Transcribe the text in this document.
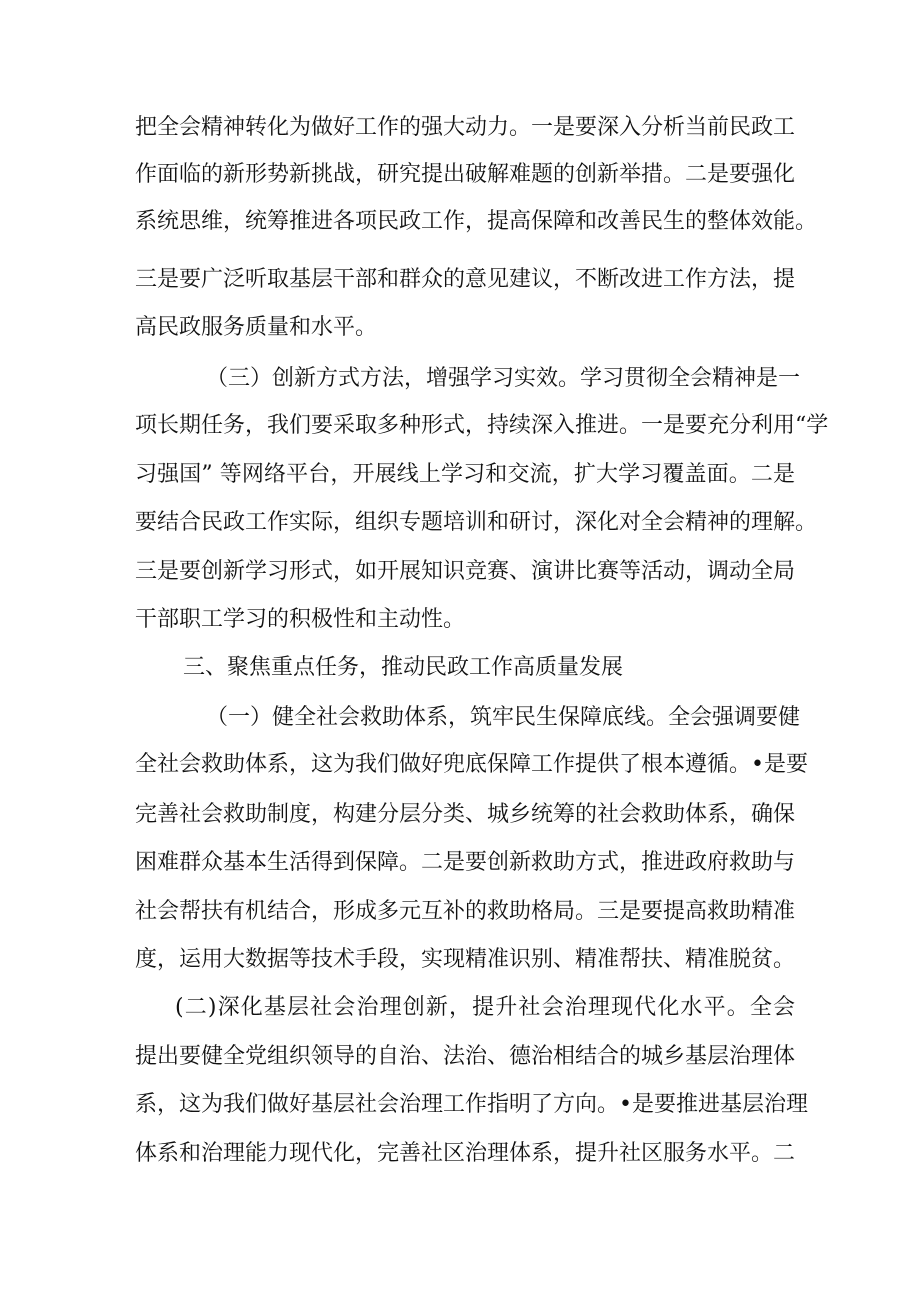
把全会精神转化为做好工作的强大动力。一是要深入分析当前民政工
作面临的新形势新挑战，研究提出破解难题的创新举措。二是要强化
系统思维，统筹推进各项民政工作，提高保障和改善民生的整体效能。
三是要广泛听取基层干部和群众的意见建议，不断改进工作方法，提
高民政服务质量和水平。
（三）创新方式方法，增强学习实效。学习贯彻全会精神是一
项长期任务，我们要采取多种形式，持续深入推进。一是要充分利用“学
习强国” 等网络平台，开展线上学习和交流，扩大学习覆盖面。二是
要结合民政工作实际，组织专题培训和研讨，深化对全会精神的理解。
三是要创新学习形式，如开展知识竞赛、演讲比赛等活动，调动全局
干部职工学习的积极性和主动性。
三、聚焦重点任务，推动民政工作高质量发展
（一）健全社会救助体系，筑牢民生保障底线。全会强调要健
全社会救助体系，这为我们做好兜底保障工作提供了根本遵循。•是要
完善社会救助制度，构建分层分类、城乡统筹的社会救助体系，确保
困难群众基本生活得到保障。二是要创新救助方式，推进政府救助与
社会帮扶有机结合，形成多元互补的救助格局。三是要提高救助精准
度，运用大数据等技术手段，实现精准识别、精准帮扶、精准脱贫。
(二)深化基层社会治理创新，提升社会治理现代化水平。全会
提出要健全党组织领导的自治、法治、德治相结合的城乡基层治理体
系，这为我们做好基层社会治理工作指明了方向。•是要推进基层治理
体系和治理能力现代化，完善社区治理体系，提升社区服务水平。二
